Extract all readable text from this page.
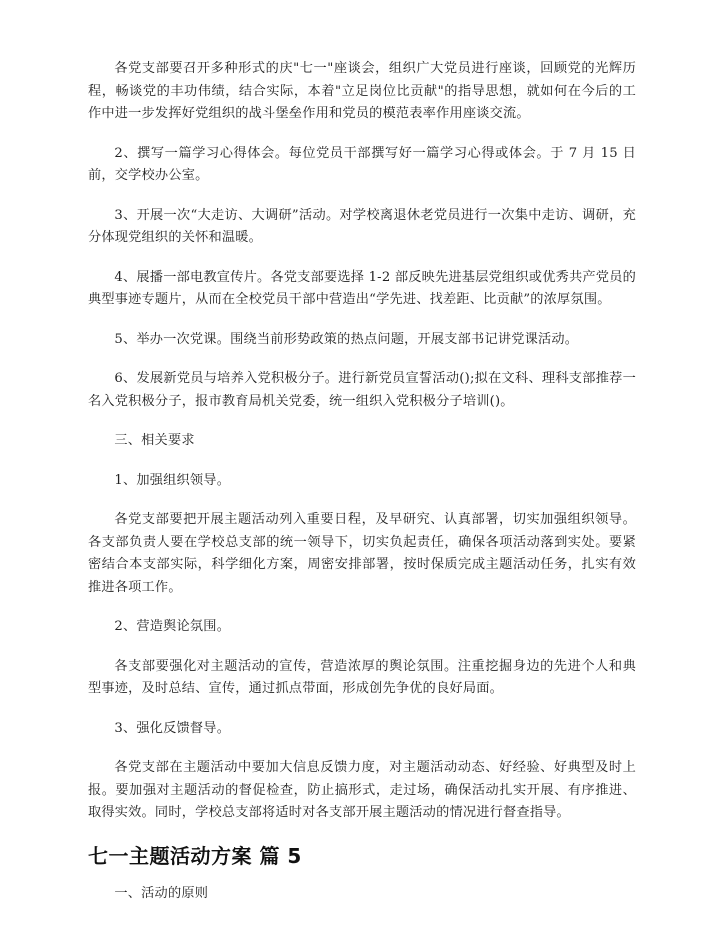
各党支部要召开多种形式的庆"七一"座谈会，组织广大党员进行座谈，回顾党的光辉历程，畅谈党的丰功伟绩，结合实际，本着"立足岗位比贡献"的指导思想，就如何在今后的工作中进一步发挥好党组织的战斗堡垒作用和党员的模范表率作用座谈交流。

2、撰写一篇学习心得体会。每位党员干部撰写好一篇学习心得或体会。于 7 月 15 日前，交学校办公室。

3、开展一次“大走访、大调研”活动。对学校离退休老党员进行一次集中走访、调研，充分体现党组织的关怀和温暖。

4、展播一部电教宣传片。各党支部要选择 1-2 部反映先进基层党组织或优秀共产党员的典型事迹专题片，从而在全校党员干部中营造出“学先进、找差距、比贡献”的浓厚氛围。

5、举办一次党课。围绕当前形势政策的热点问题，开展支部书记讲党课活动。

6、发展新党员与培养入党积极分子。进行新党员宣誓活动();拟在文科、理科支部推荐一名入党积极分子，报市教育局机关党委，统一组织入党积极分子培训()。

三、相关要求

1、加强组织领导。

各党支部要把开展主题活动列入重要日程，及早研究、认真部署，切实加强组织领导。各支部负责人要在学校总支部的统一领导下，切实负起责任，确保各项活动落到实处。要紧密结合本支部实际，科学细化方案，周密安排部署，按时保质完成主题活动任务，扎实有效推进各项工作。

2、营造舆论氛围。

各支部要强化对主题活动的宣传，营造浓厚的舆论氛围。注重挖掘身边的先进个人和典型事迹，及时总结、宣传，通过抓点带面，形成创先争优的良好局面。

3、强化反馈督导。

各党支部在主题活动中要加大信息反馈力度，对主题活动动态、好经验、好典型及时上报。要加强对主题活动的督促检查，防止搞形式，走过场，确保活动扎实开展、有序推进、取得实效。同时，学校总支部将适时对各支部开展主题活动的情况进行督查指导。

七一主题活动方案 篇 5

一、活动的原则
